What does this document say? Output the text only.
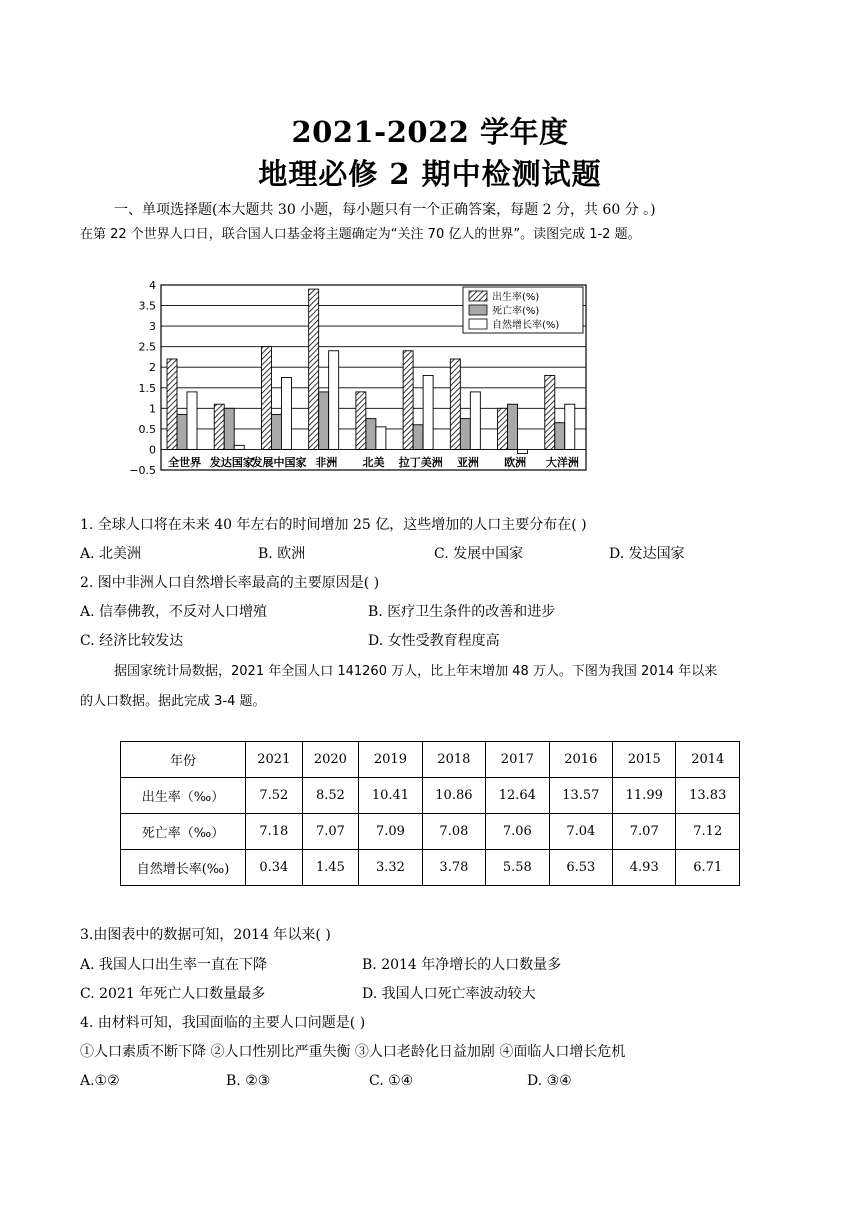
2021-2022 学年度
地理必修 2 期中检测试题
一、单项选择题(本大题共 30 小题，每小题只有一个正确答案，每题 2 分，共 60 分 。)
在第 22 个世界人口日，联合国人口基金将主题确定为“关注 70 亿人的世界”。读图完成 1-2 题。
4
3.5
3
2.5
2
1.5
1
0.5
0
−0.5
全世界 发达国家
发展中国家 非洲 北美 拉丁美洲 亚洲 欧洲 大洋洲
出生率(%)
死亡率(%)
自然增长率(%)
1. 全球人口将在未来 40 年左右的时间增加 25 亿，这些增加的人口主要分布在( )
A. 北美洲	B. 欧洲	C. 发展中国家	D. 发达国家
2. 图中非洲人口自然增长率最高的主要原因是( )
A. 信奉佛教，不反对人口增殖	B. 医疗卫生条件的改善和进步
C. 经济比较发达	D. 女性受教育程度高
据国家统计局数据，2021 年全国人口 141260 万人，比上年末增加 48 万人。下图为我国 2014 年以来
的人口数据。据此完成 3-4 题。
年份	2021	2020	2019	2018	2017	2016	2015	2014
出生率（‰）	7.52	8.52	10.41	10.86	12.64	13.57	11.99	13.83
死亡率（‰）	7.18	7.07	7.09	7.08	7.06	7.04	7.07	7.12
自然增长率(‰)	0.34	1.45	3.32	3.78	5.58	6.53	4.93	6.71
3.由图表中的数据可知，2014 年以来( )
A. 我国人口出生率一直在下降	B. 2014 年净增长的人口数量多
C. 2021 年死亡人口数量最多	D. 我国人口死亡率波动较大
4. 由材料可知，我国面临的主要人口问题是( )
①人口素质不断下降 ②人口性别比严重失衡 ③人口老龄化日益加剧 ④面临人口增长危机
A.①②	B. ②③	C. ①④	D. ③④
